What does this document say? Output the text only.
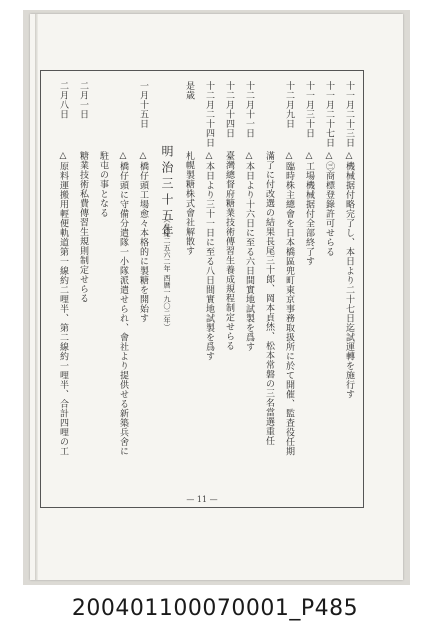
十一月二十三日
△機械据付略完了し、本日より二十七日迄試運轉を施行す
十一月二十七日
△㊂商標登錄許可せらる
十一月三十日
△工場機械据付全部終了す
十二月九日
△臨時株主總會を日本橋區兜町東京事務取扱所に於て開催、監査役任期
滿了に付改選の結果長尾三十郎、岡本貞烋、松本常磐の三名當選重任
十二月十一日
△本日より十六日に至る六日間實地試製を爲す
十二月十四日
臺灣總督府糖業技術傳習生養成規程制定せらる
十二月二十四日
△本日より三十一日に至る八日間實地試製を爲す
是歳
札幌製糖株式會社解散す
明治三十五年
（皇紀二五六二年 西暦一九〇二年）
一月十五日
△橋仔頭工場愈々本格的に製糖を開始す
△橋仔頭に守備分遣隊一小隊派遣せられ、會社より提供せる新築兵舍に
駐屯の事となる
二月一日
糖業技術私費傳習生規則制定せらる
二月八日
△原料運搬用輕便軌道第一線約二哩半、第二線約一哩半、合計四哩の工
— 11 —
200401100070001_P485
